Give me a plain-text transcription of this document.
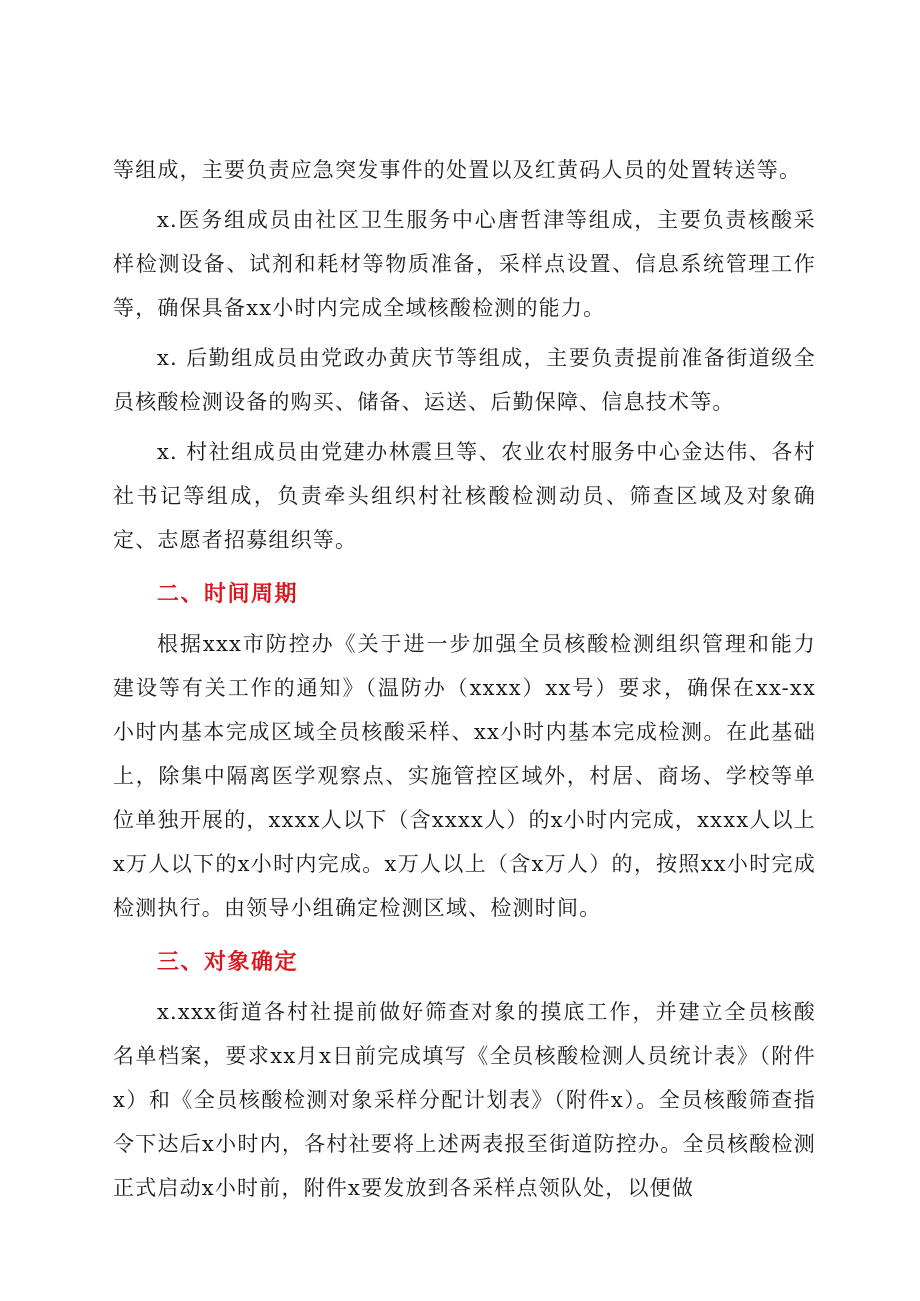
等组成，主要负责应急突发事件的处置以及红黄码人员的处置转送等。

x.医务组成员由社区卫生服务中心唐哲津等组成，主要负责核酸采样检测设备、试剂和耗材等物质准备，采样点设置、信息系统管理工作等，确保具备xx小时内完成全域核酸检测的能力。

x. 后勤组成员由党政办黄庆节等组成，主要负责提前准备街道级全员核酸检测设备的购买、储备、运送、后勤保障、信息技术等。

x. 村社组成员由党建办林震旦等、农业农村服务中心金达伟、各村社书记等组成，负责牵头组织村社核酸检测动员、筛查区域及对象确定、志愿者招募组织等。

二、时间周期

根据xxx市防控办《关于进一步加强全员核酸检测组织管理和能力建设等有关工作的通知》（温防办（xxxx）xx号）要求，确保在xx-xx小时内基本完成区域全员核酸采样、xx小时内基本完成检测。在此基础上，除集中隔离医学观察点、实施管控区域外，村居、商场、学校等单位单独开展的，xxxx人以下（含xxxx人）的x小时内完成，xxxx人以上x万人以下的x小时内完成。x万人以上（含x万人）的，按照xx小时完成检测执行。由领导小组确定检测区域、检测时间。

三、对象确定

x.xxx街道各村社提前做好筛查对象的摸底工作，并建立全员核酸名单档案，要求xx月x日前完成填写《全员核酸检测人员统计表》（附件x）和《全员核酸检测对象采样分配计划表》（附件x）。全员核酸筛查指令下达后x小时内，各村社要将上述两表报至街道防控办。全员核酸检测正式启动x小时前，附件x要发放到各采样点领队处，以便做
